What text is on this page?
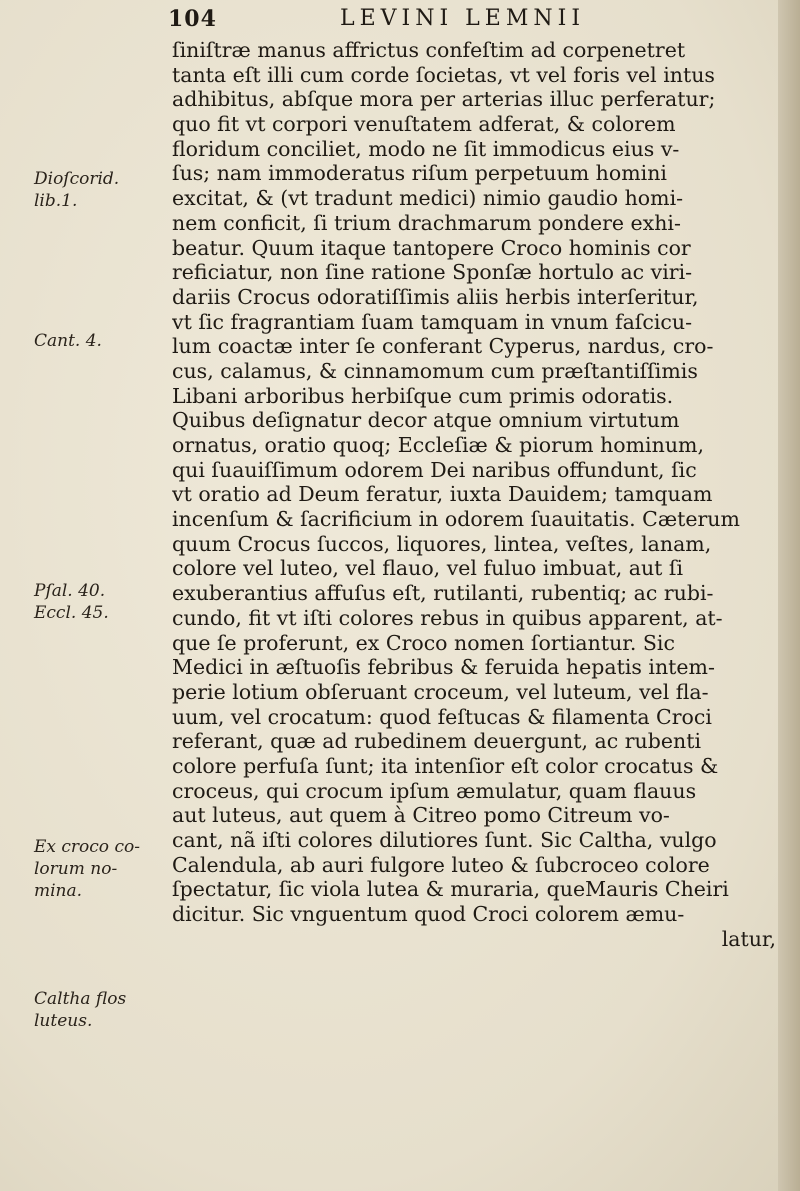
104	LEVINI LEMNII
Dioſcorid.
lib.1.
Cant. 4.
Pſal. 40.
Eccl. 45.
Ex croco co-
lorum no-
mina.
Caltha flos
luteus.
ſiniſtræ manus affrictus confeſtim ad corpenetret
tanta eſt illi cum corde ſocietas, vt vel foris vel intus
adhibitus, abſque mora per arterias illuc perferatur;
quo fit vt corpori venuſtatem adferat, & colorem
floridum conciliet, modo ne ſit immodicus eius v-
ſus; nam immoderatus riſum perpetuum homini
excitat, & (vt tradunt medici) nimio gaudio homi-
nem conficit, ſi trium drachmarum pondere exhi-
beatur. Quum itaque tantopere Croco hominis cor
reficiatur, non ſine ratione Sponſæ hortulo ac viri-
dariis Crocus odoratiſſimis aliis herbis interſeritur,
vt ſic fragrantiam ſuam tamquam in vnum faſcicu-
lum coactæ inter ſe conferant Cyperus, nardus, cro-
cus, calamus, & cinnamomum cum præſtantiſſimis
Libani arboribus herbiſque cum primis odoratis.
Quibus deſignatur decor atque omnium virtutum
ornatus, oratio quoq; Eccleſiæ & piorum hominum,
qui ſuauiſſimum odorem Dei naribus offundunt, ſic
vt oratio ad Deum feratur, iuxta Dauidem; tamquam
incenſum & ſacrificium in odorem ſuauitatis. Cæterum
quum Crocus ſuccos, liquores, lintea, veſtes, lanam,
colore vel luteo, vel flauo, vel fuluo imbuat, aut ſi
exuberantius affuſus eſt, rutilanti, rubentiq; ac rubi-
cundo, fit vt iſti colores rebus in quibus apparent, at-
que ſe proferunt, ex Croco nomen ſortiantur. Sic
Medici in æſtuoſis febribus & feruida hepatis intem-
perie lotium obſeruant croceum, vel luteum, vel fla-
uum, vel crocatum: quod feſtucas & filamenta Croci
referant, quæ ad rubedinem deuergunt, ac rubenti
colore perfuſa ſunt; ita intenſior eſt color crocatus &
croceus, qui crocum ipſum æmulatur, quam flauus
aut luteus, aut quem à Citreo pomo Citreum vo-
cant, nã iſti colores dilutiores ſunt. Sic Caltha, vulgo
Calendula, ab auri fulgore luteo & ſubcroceo colore
ſpectatur, ſic viola lutea & muraria, queMauris Cheiri
dicitur. Sic vnguentum quod Croci colorem æmu-
latur,
